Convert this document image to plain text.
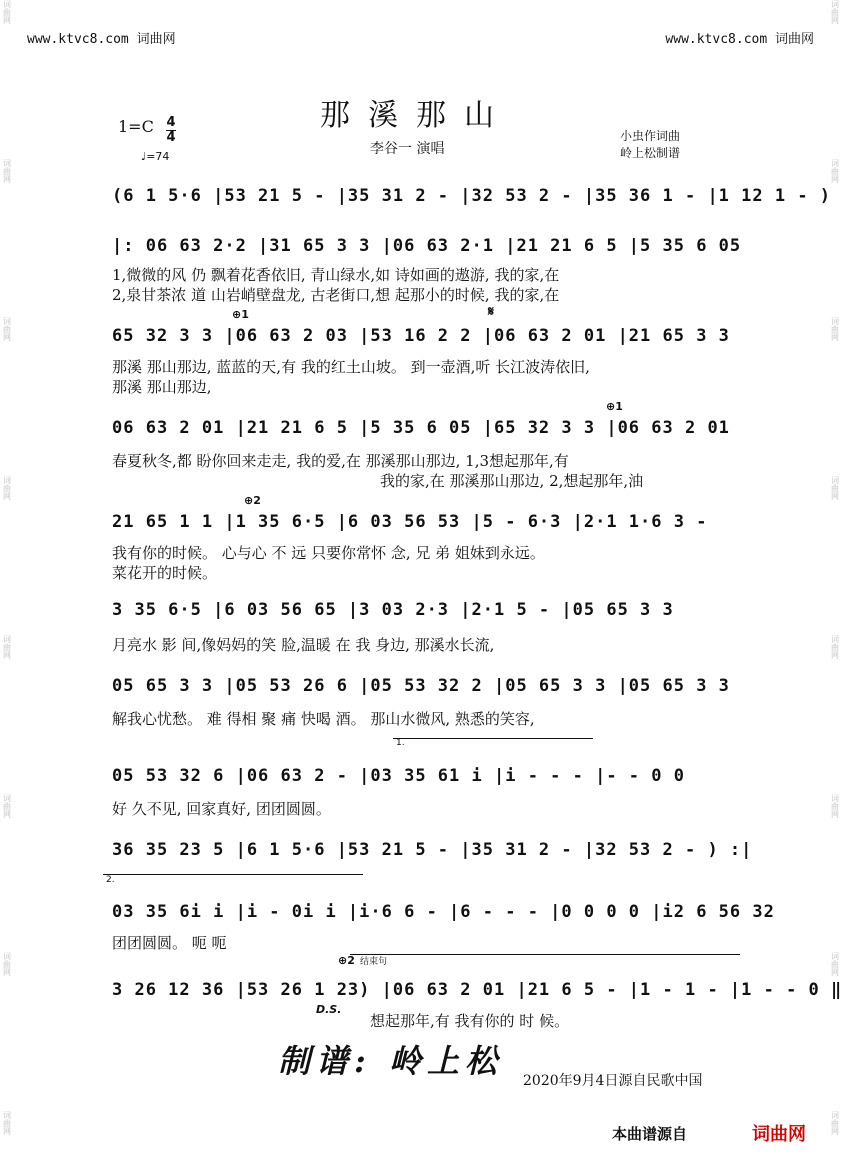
词曲网
词曲网
词曲网
词曲网
词曲网
词曲网
词曲网
词曲网
词曲网
词曲网
词曲网
词曲网
词曲网
词曲网
词曲网
词曲网
www.ktvc8.com 词曲网	www.ktvc8.com 词曲网
那溪那山
1=C 4
4
♩=74	李谷一 演唱
小虫作词曲
岭上松制谱
(6 1 5·6 |53 21 5 - |35 31 2 - |32 53 2 - |35 36 1 - |1 12 1 - )
|: 06 63 2·2 |31 65 3 3 |06 63 2·1 |21 21 6 5 |5 35 6 05
1,微微的风 仍 飘着花香依旧, 青山绿水,如 诗如画的遨游, 我的家,在
2,泉甘茶浓 道 山岩峭壁盘龙, 古老街口,想 起那小的时候, 我的家,在
⊕1	𝄋
65 32 3 3 |06 63 2 03 |53 16 2 2 |06 63 2 01 |21 65 3 3
那溪 那山那边, 蓝蓝的天,有 我的红土山坡。 到一壶酒,听 长江波涛依旧,
那溪 那山那边,
⊕1
06 63 2 01 |21 21 6 5 |5 35 6 05 |65 32 3 3 |06 63 2 01
春夏秋冬,都 盼你回来走走, 我的爱,在 那溪那山那边, 1,3想起那年,有
我的家,在 那溪那山那边, 2,想起那年,油
⊕2
21 65 1 1 |1 35 6·5 |6 03 56 53 |5 - 6·3 |2·1 1·6 3 -
我有你的时候。 心与心 不 远 只要你常怀 念, 兄 弟 姐妹到永远。
菜花开的时候。
3 35 6·5 |6 03 56 65 |3 03 2·3 |2·1 5 - |05 65 3 3
月亮水 影 间,像妈妈的笑 脸,温暖 在 我 身边, 那溪水长流,
05 65 3 3 |05 53 26 6 |05 53 32 2 |05 65 3 3 |05 65 3 3
解我心忧愁。 难 得相 聚 痛 快喝 酒。 那山水微风, 熟悉的笑容,
1.
05 53 32 6 |06 63 2 - |03 35 61 i |i - - - |- - 0 0
好 久不见, 回家真好, 团团圆圆。
36 35 23 5 |6 1 5·6 |53 21 5 - |35 31 2 - |32 53 2 - ) :|
2.
03 35 6i i |i - 0i i |i·6 6 - |6 - - - |0 0 0 0 |i2 6 56 32
团团圆圆。 呃 呃
⊕2 结束句
3 26 12 36 |53 26 1 23) |06 63 2 01 |21 6 5 - |1 - 1 - |1 - - 0 ‖
D.S.
想起那年,有 我有你的 时 候。
制谱: 岭上松
2020年9月4日源自民歌中国
本曲谱源自	词曲网
